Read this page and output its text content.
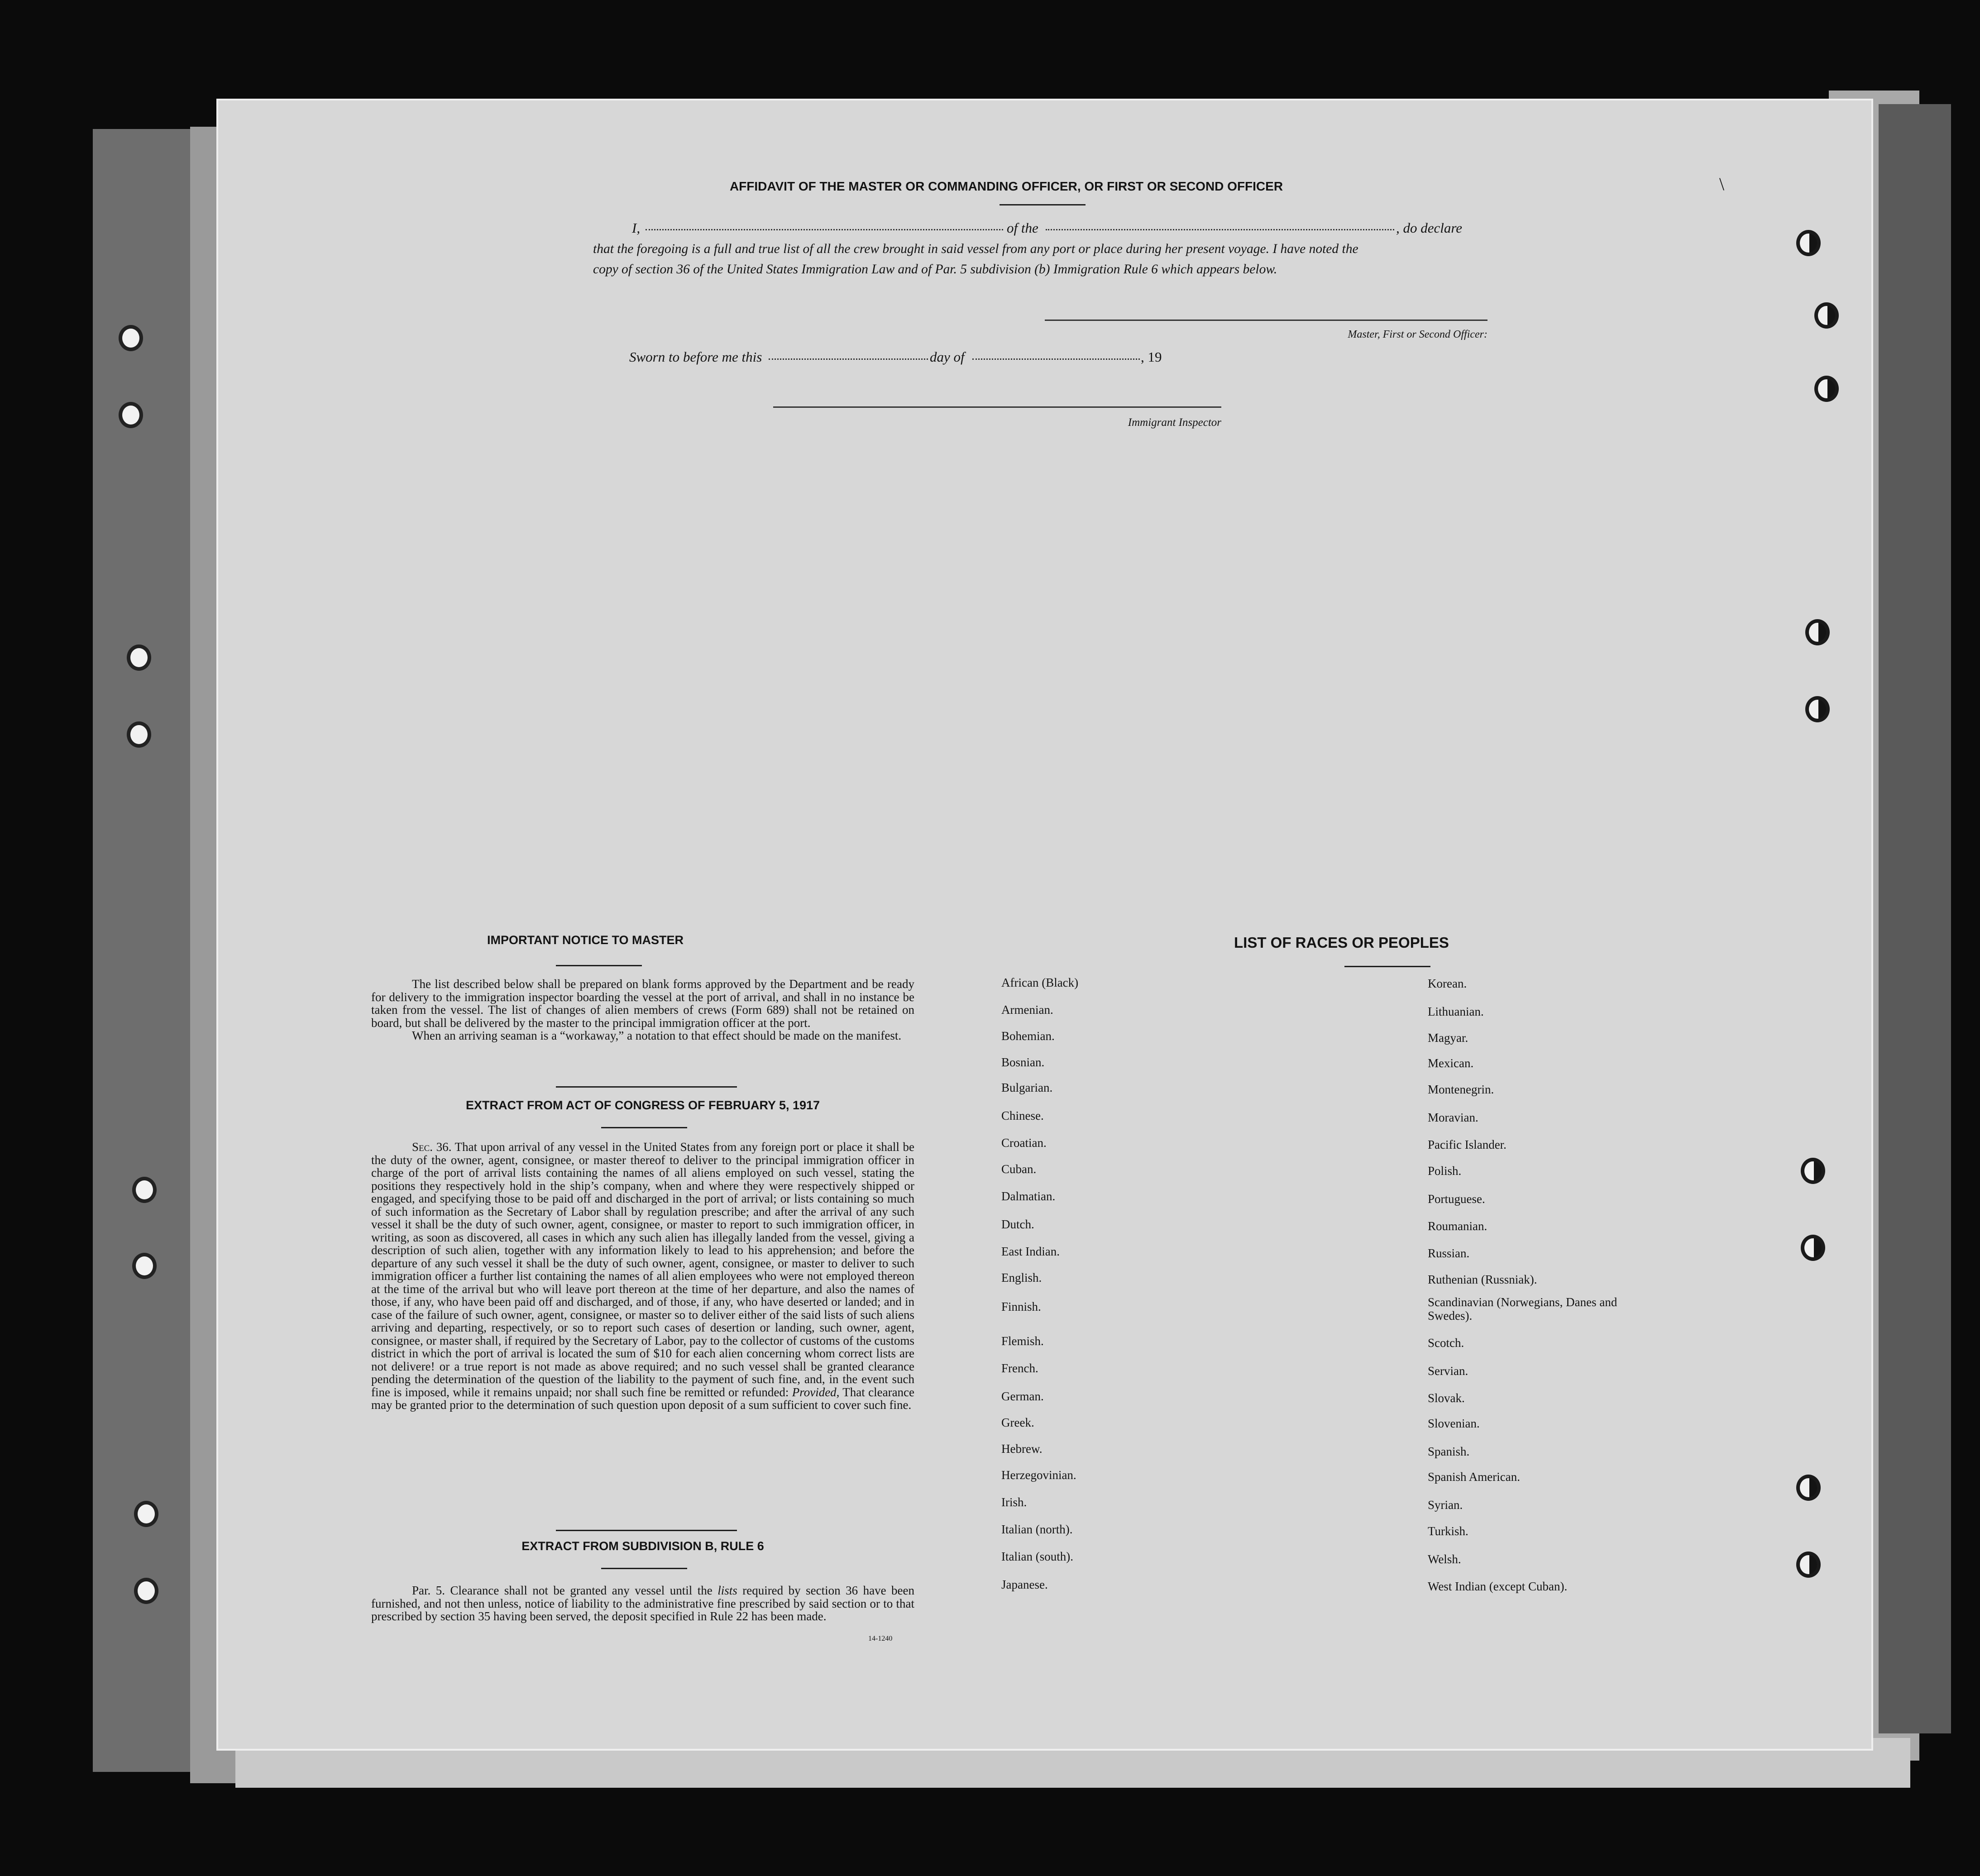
\
AFFIDAVIT OF THE MASTER OR COMMANDING OFFICER, OR FIRST OR SECOND OFFICER
I,	of the	, do declare
that the foregoing is a full and true list of all the crew brought in said vessel from any port or place during her present voyage. I have noted the
copy of section 36 of the United States Immigration Law and of Par. 5 subdivision (b) Immigration Rule 6 which appears below.
Master, First or Second Officer:
Sworn to before me this	day of	, 19
Immigrant Inspector
IMPORTANT NOTICE TO MASTER

The list described below shall be prepared on blank forms approved by the Department and be ready for delivery to the immigration inspector boarding the vessel at the port of arrival, and shall in no instance be taken from the vessel. The list of changes of alien members of crews (Form 689) shall not be retained on board, but shall be delivered by the master to the principal immigration officer at the port.

When an arriving seaman is a “workaway,” a notation to that effect should be made on the manifest.

EXTRACT FROM ACT OF CONGRESS OF FEBRUARY 5, 1917

Sec. 36. That upon arrival of any vessel in the United States from any foreign port or place it shall be the duty of the owner, agent, consignee, or master thereof to deliver to the principal immigration officer in charge of the port of arrival lists containing the names of all aliens employed on such vessel, stating the positions they respectively hold in the ship’s company, when and where they were respectively shipped or engaged, and specifying those to be paid off and discharged in the port of arrival; or lists containing so much of such information as the Secretary of Labor shall by regulation prescribe; and after the arrival of any such vessel it shall be the duty of such owner, agent, consignee, or master to report to such immigration officer, in writing, as soon as discovered, all cases in which any such alien has illegally landed from the vessel, giving a description of such alien, together with any information likely to lead to his apprehension; and before the departure of any such vessel it shall be the duty of such owner, agent, consignee, or master to deliver to such immigration officer a further list containing the names of all alien employees who were not employed thereon at the time of the arrival but who will leave port thereon at the time of her departure, and also the names of those, if any, who have been paid off and discharged, and of those, if any, who have deserted or landed; and in case of the failure of such owner, agent, consignee, or master so to deliver either of the said lists of such aliens arriving and departing, respectively, or so to report such cases of desertion or landing, such owner, agent, consignee, or master shall, if required by the Secretary of Labor, pay to the collector of customs of the customs district in which the port of arrival is located the sum of $10 for each alien concerning whom correct lists are not delivere! or a true report is not made as above required; and no such vessel shall be granted clearance pending the determination of the question of the liability to the payment of such fine, and, in the event such fine is imposed, while it remains unpaid; nor shall such fine be remitted or refunded: Provided, That clearance may be granted prior to the determination of such question upon deposit of a sum sufficient to cover such fine.

EXTRACT FROM SUBDIVISION B, RULE 6

Par. 5. Clearance shall not be granted any vessel until the lists required by section 36 have been furnished, and not then unless, notice of liability to the administrative fine prescribed by said section or to that prescribed by section 35 having been served, the deposit specified in Rule 22 has been made.

14-1240
LIST OF RACES OR PEOPLES
African (Black)
Armenian.
Bohemian.
Bosnian.
Bulgarian.
Chinese.
Croatian.
Cuban.
Dalmatian.
Dutch.
East Indian.
English.
Finnish.
Flemish.
French.
German.
Greek.
Hebrew.
Herzegovinian.
Irish.
Italian (north).
Italian (south).
Japanese.
Korean.
Lithuanian.
Magyar.
Mexican.
Montenegrin.
Moravian.
Pacific Islander.
Polish.
Portuguese.
Roumanian.
Russian.
Ruthenian (Russniak).
Scandinavian (Norwegians, Danes and Swedes).
Scotch.
Servian.
Slovak.
Slovenian.
Spanish.
Spanish American.
Syrian.
Turkish.
Welsh.
West Indian (except Cuban).
